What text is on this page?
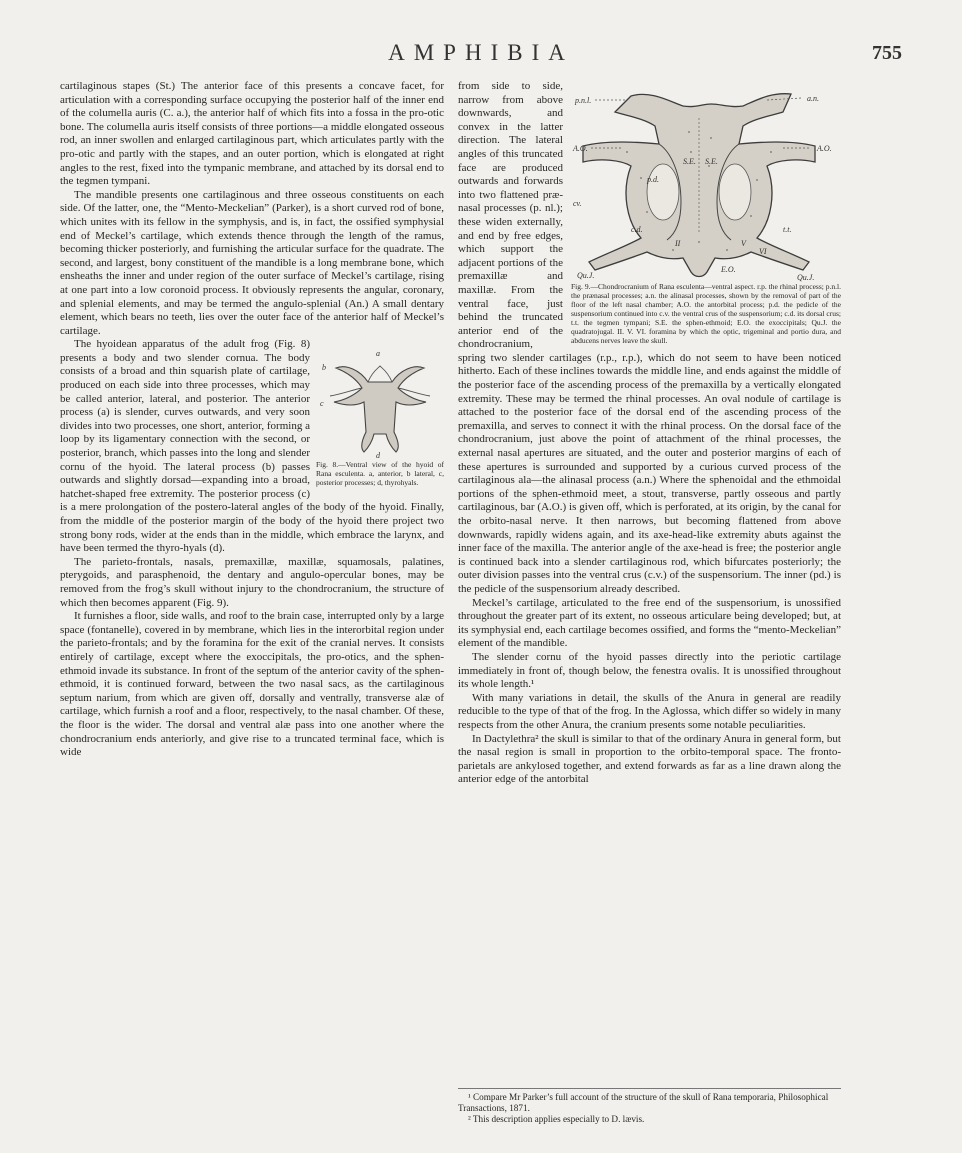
AMPHIBIA	755

cartilaginous stapes (St.) The anterior face of this presents a concave facet, for articulation with a corresponding surface occupying the posterior half of the inner end of the columella auris (C. a.), the anterior half of which fits into a fossa in the pro-otic bone. The columella auris itself consists of three portions—a middle elongated osseous rod, an inner swollen and enlarged cartilaginous part, which articulates partly with the pro-otic and partly with the stapes, and an outer portion, which is elongated at right angles to the rest, fixed into the tympanic membrane, and attached by its dorsal end to the tegmen tympani.

The mandible presents one cartilaginous and three osseous constituents on each side. Of the latter, one, the “Mento-Meckelian” (Parker), is a short curved rod of bone, which unites with its fellow in the symphysis, and is, in fact, the ossified symphysial end of Meckel’s cartilage, which extends thence through the length of the ramus, becoming thicker posteriorly, and furnishing the articular surface for the quadrate. The second, and largest, bony constituent of the mandible is a long membrane bone, which ensheaths the inner and under region of the outer surface of Meckel’s cartilage, rising at one part into a low coronoid process. It obviously represents the angular, coronary, and splenial elements, and may be termed the angulo-splenial (An.) A small dentary element, which bears no teeth, lies over the outer face of the anterior half of Meckel’s cartilage.

a
b
c
d
Fig. 8.—Ventral view of the hyoid of Rana esculenta. a, anterior, b lateral, c, posterior processes; d, thyrohyals.

The hyoidean apparatus of the adult frog (Fig. 8) presents a body and two slender cornua. The body consists of a broad and thin squarish plate of cartilage, produced on each side into three processes, which may be called anterior, lateral, and posterior. The anterior process (a) is slender, curves outwards, and very soon divides into two processes, one short, anterior, forming a loop by its ligamentary connection with the second, or posterior, branch, which passes into the long and slender cornu of the hyoid. The lateral process (b) passes outwards and slightly dorsad—expanding into a broad, hatchet-shaped free extremity. The posterior process (c) is a mere prolongation of the postero-lateral angles of the body of the hyoid. Finally, from the middle of the posterior margin of the body of the hyoid there project two strong bony rods, wider at the ends than in the middle, which embrace the larynx, and have been termed the thyro-hyals (d).

The parieto-frontals, nasals, premaxillæ, maxillæ, squamosals, palatines, pterygoids, and parasphenoid, the dentary and angulo-opercular bones, may be removed from the frog’s skull without injury to the chondrocranium, the structure of which then becomes apparent (Fig. 9).

It furnishes a floor, side walls, and roof to the brain case, interrupted only by a large space (fontanelle), covered in by membrane, which lies in the interorbital region under the parieto-frontals; and by the foramina for the exit of the cranial nerves. It consists entirely of cartilage, except where the exoccipitals, the pro-otics, and the sphen-ethmoid invade its substance. In front of the septum of the anterior cavity of the sphen-ethmoid, it is continued forward, between the two nasal sacs, as the cartilaginous septum narium, from which are given off, dorsally and ventrally, transverse alæ of cartilage, which furnish a roof and a floor, respectively, to the nasal chamber. Of these, the floor is the wider. The dorsal and ventral alæ pass into one another where the chondrocranium ends anteriorly, and give rise to a truncated terminal face, which is wide

p.n.l.	a.n.
A.O.	A.O.
S.E. S.E.
p.d.
cv.
c.d.	t.t.
Qu.J.	Qu.J.
E.O.
II	V
VI
Fig. 9.—Chondrocranium of Rana esculenta—ventral aspect. r.p. the rhinal process; p.n.l. the prænasal processes; a.n. the alinasal processes, shown by the removal of part of the floor of the left nasal chamber; A.O. the antorbital process; p.d. the pedicle of the suspensorium continued into c.v. the ventral crus of the suspensorium; c.d. its dorsal crus; t.t. the tegmen tympani; S.E. the sphen-ethmoid; E.O. the exoccipitals; Qu.J. the quadratojugal. II. V. VI. foramina by which the optic, trigeminal and portio dura, and abducens nerves leave the skull.

from side to side, narrow from above downwards, and convex in the latter direction. The lateral angles of this truncated face are produced outwards and forwards into two flattened præ-nasal processes (p. nl.); these widen externally, and end by free edges, which support the adjacent portions of the premaxillæ and maxillæ. From the ventral face, just behind the truncated anterior end of the chondrocranium, spring two slender cartilages (r.p., r.p.), which do not seem to have been noticed hitherto. Each of these inclines towards the middle line, and ends against the middle of the posterior face of the ascending process of the premaxilla by a vertically elongated extremity. These may be termed the rhinal processes. An oval nodule of cartilage is attached to the posterior face of the dorsal end of the ascending process of the premaxilla, and serves to connect it with the rhinal process. On the dorsal face of the chondrocranium, just above the point of attachment of the rhinal processes, the external nasal apertures are situated, and the outer and posterior margins of each of these apertures is surrounded and supported by a curious curved process of the cartilaginous ala—the alinasal process (a.n.) Where the sphenoidal and the ethmoidal portions of the sphen-ethmoid meet, a stout, transverse, partly osseous and partly cartilaginous, bar (A.O.) is given off, which is perforated, at its origin, by the canal for the orbito-nasal nerve. It then narrows, but becoming flattened from above downwards, rapidly widens again, and its axe-head-like extremity abuts against the inner face of the maxilla. The anterior angle of the axe-head is free; the posterior angle is continued back into a slender cartilaginous rod, which bifurcates posteriorly; the outer division passes into the ventral crus (c.v.) of the suspensorium. The inner (pd.) is the pedicle of the suspensorium already described.

Meckel’s cartilage, articulated to the free end of the suspensorium, is unossified throughout the greater part of its extent, no osseous articulare being developed; but, at its symphysial end, each cartilage becomes ossified, and forms the “mento-Meckelian” element of the mandible.

The slender cornu of the hyoid passes directly into the periotic cartilage immediately in front of, though below, the fenestra ovalis. It is unossified throughout its whole length.¹

With many variations in detail, the skulls of the Anura in general are readily reducible to the type of that of the frog. In the Aglossa, which differ so widely in many respects from the other Anura, the cranium presents some notable peculiarities.

In Dactylethra² the skull is similar to that of the ordinary Anura in general form, but the nasal region is small in proportion to the orbito-temporal space. The fronto-parietals are ankylosed together, and extend forwards as far as a line drawn along the anterior edge of the antorbital

¹ Compare Mr Parker’s full account of the structure of the skull of Rana temporaria, Philosophical Transactions, 1871.
² This description applies especially to D. lævis.
